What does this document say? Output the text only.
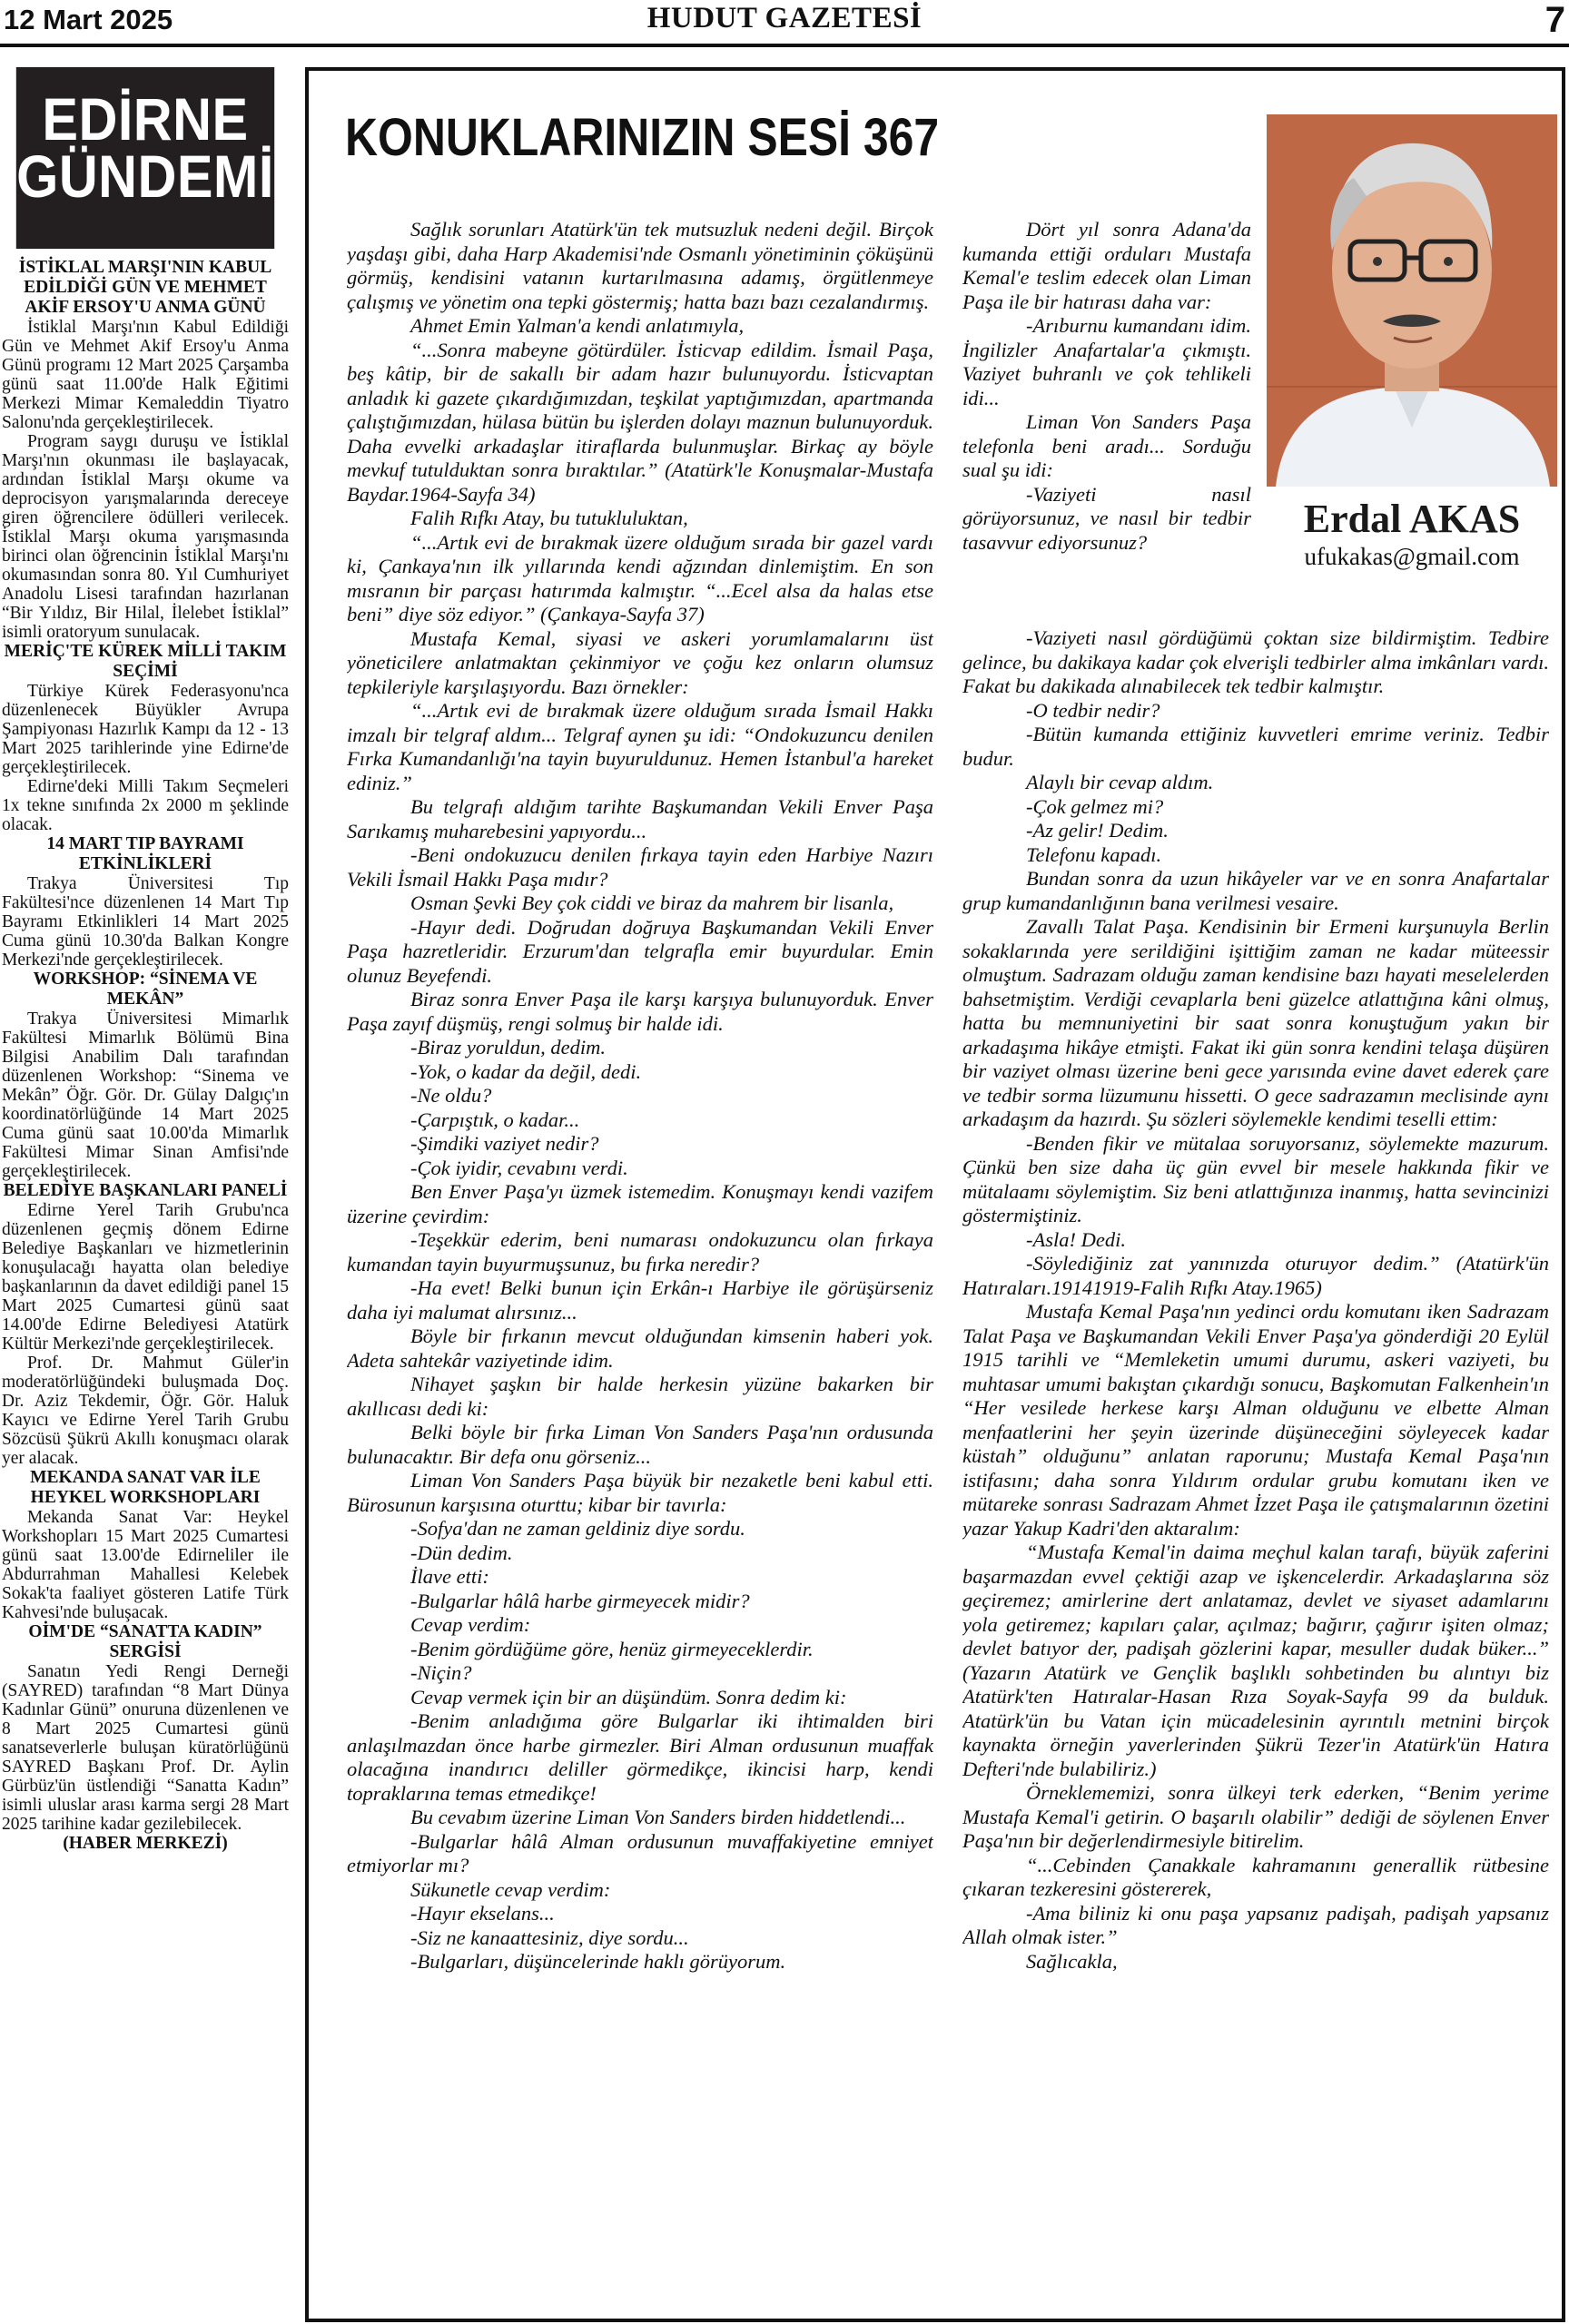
12 Mart 2025	HUDUT GAZETESİ	7
EDİRNE
GÜNDEMİ
İSTİKLAL MARŞI'NIN KABUL EDİLDİĞİ GÜN VE MEHMET AKİF ERSOY'U ANMA GÜNÜ

İstiklal Marşı'nın Kabul Edildiği Gün ve Mehmet Akif Ersoy'u Anma Günü programı 12 Mart 2025 Çarşamba günü saat 11.00'de Halk Eğitimi Merkezi Mimar Kemaleddin Tiyatro Salonu'nda gerçekleştirilecek.

Program saygı duruşu ve İstiklal Marşı'nın okunması ile başlayacak, ardından İstiklal Marşı okume va deprocisyon yarışmalarında dereceye giren öğrencilere ödülleri verilecek. İstiklal Marşı okuma yarışmasında birinci olan öğrencinin İstiklal Marşı'nı okumasından sonra 80. Yıl Cumhuriyet Anadolu Lisesi tarafından hazırlanan “Bir Yıldız, Bir Hilal, İlelebet İstiklal” isimli oratoryum sunulacak.

MERİÇ'TE KÜREK MİLLİ TAKIM SEÇİMİ

Türkiye Kürek Federasyonu'nca düzenlenecek Büyükler Avrupa Şampiyonası Hazırlık Kampı da 12 - 13 Mart 2025 tarihlerinde yine Edirne'de gerçekleştirilecek.

Edirne'deki Milli Takım Seçmeleri 1x tekne sınıfında 2x 2000 m şeklinde olacak.

14 MART TIP BAYRAMI ETKİNLİKLERİ

Trakya Üniversitesi Tıp Fakültesi'nce düzenlenen 14 Mart Tıp Bayramı Etkinlikleri 14 Mart 2025 Cuma günü 10.30'da Balkan Kongre Merkezi'nde gerçekleştirilecek.

WORKSHOP: “SİNEMA VE MEKÂN”

Trakya Üniversitesi Mimarlık Fakültesi Mimarlık Bölümü Bina Bilgisi Anabilim Dalı tarafından düzenlenen Workshop: “Sinema ve Mekân” Öğr. Gör. Dr. Gülay Dalgıç'ın koordinatörlüğünde 14 Mart 2025 Cuma günü saat 10.00'da Mimarlık Fakültesi Mimar Sinan Amfisi'nde gerçekleştirilecek.

BELEDİYE BAŞKANLARI PANELİ

Edirne Yerel Tarih Grubu'nca düzenlenen geçmiş dönem Edirne Belediye Başkanları ve hizmetlerinin konuşulacağı hayatta olan belediye başkanlarının da davet edildiği panel 15 Mart 2025 Cumartesi günü saat 14.00'de Edirne Belediyesi Atatürk Kültür Merkezi'nde gerçekleştirilecek.

Prof. Dr. Mahmut Güler'in moderatörlüğündeki buluşmada Doç. Dr. Aziz Tekdemir, Öğr. Gör. Haluk Kayıcı ve Edirne Yerel Tarih Grubu Sözcüsü Şükrü Akıllı konuşmacı olarak yer alacak.

MEKANDA SANAT VAR İLE HEYKEL WORKSHOPLARI

Mekanda Sanat Var: Heykel Workshopları 15 Mart 2025 Cumartesi günü saat 13.00'de Edirneliler ile Abdurrahman Mahallesi Kelebek Sokak'ta faaliyet gösteren Latife Türk Kahvesi'nde buluşacak.

OİM'DE “SANATTA KADIN” SERGİSİ

Sanatın Yedi Rengi Derneği (SAYRED) tarafından “8 Mart Dünya Kadınlar Günü” onuruna düzenlenen ve 8 Mart 2025 Cumartesi günü sanatseverlerle buluşan küratörlüğünü SAYRED Başkanı Prof. Dr. Aylin Gürbüz'ün üstlendiği “Sanatta Kadın” isimli uluslar arası karma sergi 28 Mart 2025 tarihine kadar gezilebilecek.

(HABER MERKEZİ)

KONUKLARINIZIN SESİ 367
Erdal AKAS
ufukakas@gmail.com

Sağlık sorunları Atatürk'ün tek mutsuzluk nedeni değil. Birçok yaşdaşı gibi, daha Harp Akademisi'nde Osmanlı yönetiminin çöküşünü görmüş, kendisini vatanın kurtarılmasına adamış, örgütlenmeye çalışmış ve yönetim ona tepki göstermiş; hatta bazı bazı cezalandırmış.

Ahmet Emin Yalman'a kendi anlatımıyla,

“...Sonra mabeyne götürdüler. İsticvap edildim. İsmail Paşa, beş kâtip, bir de sakallı bir adam hazır bulunuyordu. İsticvaptan anladık ki gazete çıkardığımızdan, teşkilat yaptığımızdan, apartmanda çalıştığımızdan, hülasa bütün bu işlerden dolayı maznun bulunuyorduk. Daha evvelki arkadaşlar itiraflarda bulunmuşlar. Birkaç ay böyle mevkuf tutulduktan sonra bıraktılar.” (Atatürk'le Konuşmalar-Mustafa Baydar.1964-Sayfa 34)

Falih Rıfkı Atay, bu tutukluluktan,

“...Artık evi de bırakmak üzere olduğum sırada bir gazel vardı ki, Çankaya'nın ilk yıllarında kendi ağzından dinlemiştim. En son mısranın bir parçası hatırımda kalmıştır. “...Ecel alsa da halas etse beni” diye söz ediyor.” (Çankaya-Sayfa 37)

Mustafa Kemal, siyasi ve askeri yorumlamalarını üst yöneticilere anlatmaktan çekinmiyor ve çoğu kez onların olumsuz tepkileriyle karşılaşıyordu. Bazı örnekler:

“...Artık evi de bırakmak üzere olduğum sırada İsmail Hakkı imzalı bir telgraf aldım... Telgraf aynen şu idi: “Ondokuzuncu denilen Fırka Kumandanlığı'na tayin buyuruldunuz. Hemen İstanbul'a hareket ediniz.”

Bu telgrafı aldığım tarihte Başkumandan Vekili Enver Paşa Sarıkamış muharebesini yapıyordu...

-Beni ondokuzucu denilen fırkaya tayin eden Harbiye Nazırı Vekili İsmail Hakkı Paşa mıdır?

Osman Şevki Bey çok ciddi ve biraz da mahrem bir lisanla,

-Hayır dedi. Doğrudan doğruya Başkumandan Vekili Enver Paşa hazretleridir. Erzurum'dan telgrafla emir buyurdular. Emin olunuz Beyefendi.

Biraz sonra Enver Paşa ile karşı karşıya bulunuyorduk. Enver Paşa zayıf düşmüş, rengi solmuş bir halde idi.

-Biraz yoruldun, dedim.

-Yok, o kadar da değil, dedi.

-Ne oldu?

-Çarpıştık, o kadar...

-Şimdiki vaziyet nedir?

-Çok iyidir, cevabını verdi.

Ben Enver Paşa'yı üzmek istemedim. Konuşmayı kendi vazifem üzerine çevirdim:

-Teşekkür ederim, beni numarası ondokuzuncu olan fırkaya kumandan tayin buyurmuşsunuz, bu fırka neredir?

-Ha evet! Belki bunun için Erkân-ı Harbiye ile görüşürseniz daha iyi malumat alırsınız...

Böyle bir fırkanın mevcut olduğundan kimsenin haberi yok. Adeta sahtekâr vaziyetinde idim.

Nihayet şaşkın bir halde herkesin yüzüne bakarken bir akıllıcası dedi ki:

Belki böyle bir fırka Liman Von Sanders Paşa'nın ordusunda bulunacaktır. Bir defa onu görseniz...

Liman Von Sanders Paşa büyük bir nezaketle beni kabul etti. Bürosunun karşısına oturttu; kibar bir tavırla:

-Sofya'dan ne zaman geldiniz diye sordu.

-Dün dedim.

İlave etti:

-Bulgarlar hâlâ harbe girmeyecek midir?

Cevap verdim:

-Benim gördüğüme göre, henüz girmeyeceklerdir.

-Niçin?

Cevap vermek için bir an düşündüm. Sonra dedim ki:

-Benim anladığıma göre Bulgarlar iki ihtimalden biri anlaşılmazdan önce harbe girmezler. Biri Alman ordusunun muaffak olacağına inandırıcı deliller görmedikçe, ikincisi harp, kendi topraklarına temas etmedikçe!

Bu cevabım üzerine Liman Von Sanders birden hiddetlendi...

-Bulgarlar hâlâ Alman ordusunun muvaffakiyetine emniyet etmiyorlar mı?

Sükunetle cevap verdim:

-Hayır ekselans...

-Siz ne kanaattesiniz, diye sordu...

-Bulgarları, düşüncelerinde haklı görüyorum.

Dört yıl sonra Adana'da kumanda ettiği orduları Mustafa Kemal'e teslim edecek olan Liman Paşa ile bir hatırası daha var:

-Arıburnu kumandanı idim. İngilizler Anafartalar'a çıkmıştı. Vaziyet buhranlı ve çok tehlikeli idi...

Liman Von Sanders Paşa telefonla beni aradı... Sorduğu sual şu idi:

-Vaziyeti nasıl görüyorsunuz, ve nasıl bir tedbir tasavvur ediyorsunuz?

-Vaziyeti nasıl gördüğümü çoktan size bildirmiştim. Tedbire gelince, bu dakikaya kadar çok elverişli tedbirler alma imkânları vardı. Fakat bu dakikada alınabilecek tek tedbir kalmıştır.

-O tedbir nedir?

-Bütün kumanda ettiğiniz kuvvetleri emrime veriniz. Tedbir budur.

Alaylı bir cevap aldım.

-Çok gelmez mi?

-Az gelir! Dedim.

Telefonu kapadı.

Bundan sonra da uzun hikâyeler var ve en sonra Anafartalar grup kumandanlığının bana verilmesi vesaire.

Zavallı Talat Paşa. Kendisinin bir Ermeni kurşunuyla Berlin sokaklarında yere serildiğini işittiğim zaman ne kadar müteessir olmuştum. Sadrazam olduğu zaman kendisine bazı hayati meselelerden bahsetmiştim. Verdiği cevaplarla beni güzelce atlattığına kâni olmuş, hatta bu memnuniyetini bir saat sonra konuştuğum yakın bir arkadaşıma hikâye etmişti. Fakat iki gün sonra kendini telaşa düşüren bir vaziyet olması üzerine beni gece yarısında evine davet ederek çare ve tedbir sorma lüzumunu hissetti. O gece sadrazamın meclisinde aynı arkadaşım da hazırdı. Şu sözleri söylemekle kendimi teselli ettim:

-Benden fikir ve mütalaa soruyorsanız, söylemekte mazurum. Çünkü ben size daha üç gün evvel bir mesele hakkında fikir ve mütalaamı söylemiştim. Siz beni atlattığınıza inanmış, hatta sevincinizi göstermiştiniz.

-Asla! Dedi.

-Söylediğiniz zat yanınızda oturuyor dedim.” (Atatürk'ün Hatıraları.19141919-Falih Rıfkı Atay.1965)

Mustafa Kemal Paşa'nın yedinci ordu komutanı iken Sadrazam Talat Paşa ve Başkumandan Vekili Enver Paşa'ya gönderdiği 20 Eylül 1915 tarihli ve “Memleketin umumi durumu, askeri vaziyeti, bu muhtasar umumi bakıştan çıkardığı sonucu, Başkomutan Falkenhein'ın “Her vesilede herkese karşı Alman olduğunu ve elbette Alman menfaatlerini her şeyin üzerinde düşüneceğini söyleyecek kadar küstah” olduğunu” anlatan raporunu; Mustafa Kemal Paşa'nın istifasını; daha sonra Yıldırım ordular grubu komutanı iken ve mütareke sonrası Sadrazam Ahmet İzzet Paşa ile çatışmalarının özetini yazar Yakup Kadri'den aktaralım:

“Mustafa Kemal'in daima meçhul kalan tarafı, büyük zaferini başarmazdan evvel çektiği azap ve işkencelerdir. Arkadaşlarına söz geçiremez; amirlerine dert anlatamaz, devlet ve siyaset adamlarını yola getiremez; kapıları çalar, açılmaz; bağırır, çağırır işiten olmaz; devlet batıyor der, padişah gözlerini kapar, mesuller dudak büker...” (Yazarın Atatürk ve Gençlik başlıklı sohbetinden bu alıntıyı biz Atatürk'ten Hatıralar-Hasan Rıza Soyak-Sayfa 99 da bulduk. Atatürk'ün bu Vatan için mücadelesinin ayrıntılı metnini birçok kaynakta örneğin yaverlerinden Şükrü Tezer'in Atatürk'ün Hatıra Defteri'nde bulabiliriz.)

Örneklememizi, sonra ülkeyi terk ederken, “Benim yerime Mustafa Kemal'i getirin. O başarılı olabilir” dediği de söylenen Enver Paşa'nın bir değerlendirmesiyle bitirelim.

“...Cebinden Çanakkale kahramanını generallik rütbesine çıkaran tezkeresini göstererek,

-Ama biliniz ki onu paşa yapsanız padişah, padişah yapsanız Allah olmak ister.”

Sağlıcakla,
